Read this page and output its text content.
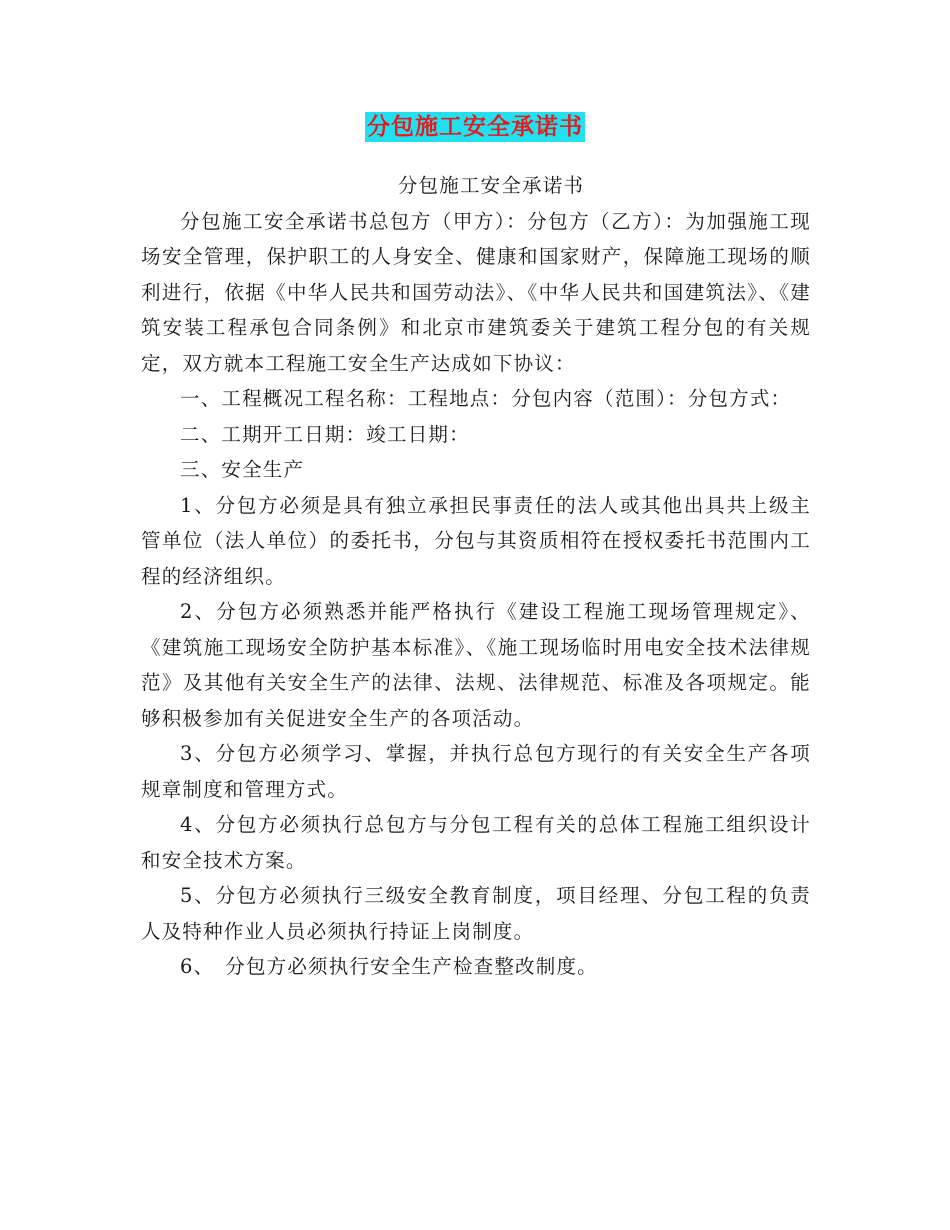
分包施工安全承诺书

分包施工安全承诺书

分包施工安全承诺书总包方（甲方）：分包方（乙方）：为加强施工现场安全管理，保护职工的人身安全、健康和国家财产，保障施工现场的顺利进行，依据《中华人民共和国劳动法》、《中华人民共和国建筑法》、《建筑安装工程承包合同条例》和北京市建筑委关于建筑工程分包的有关规定，双方就本工程施工安全生产达成如下协议：

一、工程概况工程名称：工程地点：分包内容（范围）：分包方式：

二、工期开工日期：竣工日期：

三、安全生产

1、分包方必须是具有独立承担民事责任的法人或其他出具共上级主管单位（法人单位）的委托书，分包与其资质相符在授权委托书范围内工程的经济组织。

2、分包方必须熟悉并能严格执行《建设工程施工现场管理规定》、《建筑施工现场安全防护基本标准》、《施工现场临时用电安全技术法律规范》及其他有关安全生产的法律、法规、法律规范、标准及各项规定。能够积极参加有关促进安全生产的各项活动。

3、分包方必须学习、掌握，并执行总包方现行的有关安全生产各项规章制度和管理方式。

4、分包方必须执行总包方与分包工程有关的总体工程施工组织设计和安全技术方案。

5、分包方必须执行三级安全教育制度，项目经理、分包工程的负责人及特种作业人员必须执行持证上岗制度。

6、　分包方必须执行安全生产检查整改制度。
